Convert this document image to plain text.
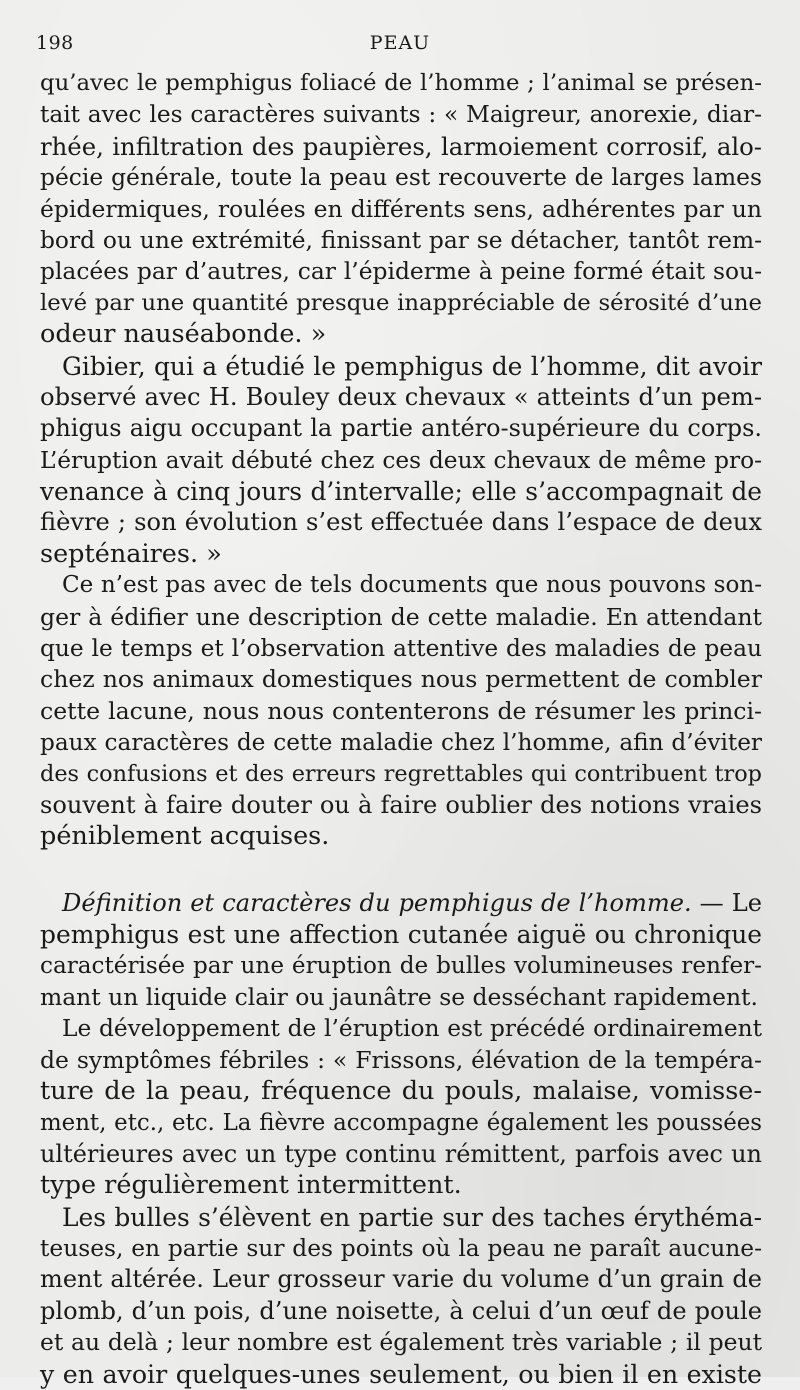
198	PEAU
qu’avec le pemphigus foliacé de l’homme ; l’animal se présen-
tait avec les caractères suivants : « Maigreur, anorexie, diar-
rhée, infiltration des paupières, larmoiement corrosif, alo-
pécie générale, toute la peau est recouverte de larges lames
épidermiques, roulées en différents sens, adhérentes par un
bord ou une extrémité, finissant par se détacher, tantôt rem-
placées par d’autres, car l’épiderme à peine formé était sou-
levé par une quantité presque inappréciable de sérosité d’une
odeur nauséabonde. »
Gibier, qui a étudié le pemphigus de l’homme, dit avoir
observé avec H. Bouley deux chevaux « atteints d’un pem-
phigus aigu occupant la partie antéro-supérieure du corps.
L’éruption avait débuté chez ces deux chevaux de même pro-
venance à cinq jours d’intervalle; elle s’accompagnait de
fièvre ; son évolution s’est effectuée dans l’espace de deux
septénaires. »
Ce n’est pas avec de tels documents que nous pouvons son-
ger à édifier une description de cette maladie. En attendant
que le temps et l’observation attentive des maladies de peau
chez nos animaux domestiques nous permettent de combler
cette lacune, nous nous contenterons de résumer les princi-
paux caractères de cette maladie chez l’homme, afin d’éviter
des confusions et des erreurs regrettables qui contribuent trop
souvent à faire douter ou à faire oublier des notions vraies
péniblement acquises.
Définition et caractères du pemphigus de l’homme. — Le
pemphigus est une affection cutanée aiguë ou chronique
caractérisée par une éruption de bulles volumineuses renfer-
mant un liquide clair ou jaunâtre se desséchant rapidement.
Le développement de l’éruption est précédé ordinairement
de symptômes fébriles : « Frissons, élévation de la tempéra-
ture de la peau, fréquence du pouls, malaise, vomisse-
ment, etc., etc. La fièvre accompagne également les poussées
ultérieures avec un type continu rémittent, parfois avec un
type régulièrement intermittent.
Les bulles s’élèvent en partie sur des taches érythéma-
teuses, en partie sur des points où la peau ne paraît aucune-
ment altérée. Leur grosseur varie du volume d’un grain de
plomb, d’un pois, d’une noisette, à celui d’un œuf de poule
et au delà ; leur nombre est également très variable ; il peut
y en avoir quelques-unes seulement, ou bien il en existe
